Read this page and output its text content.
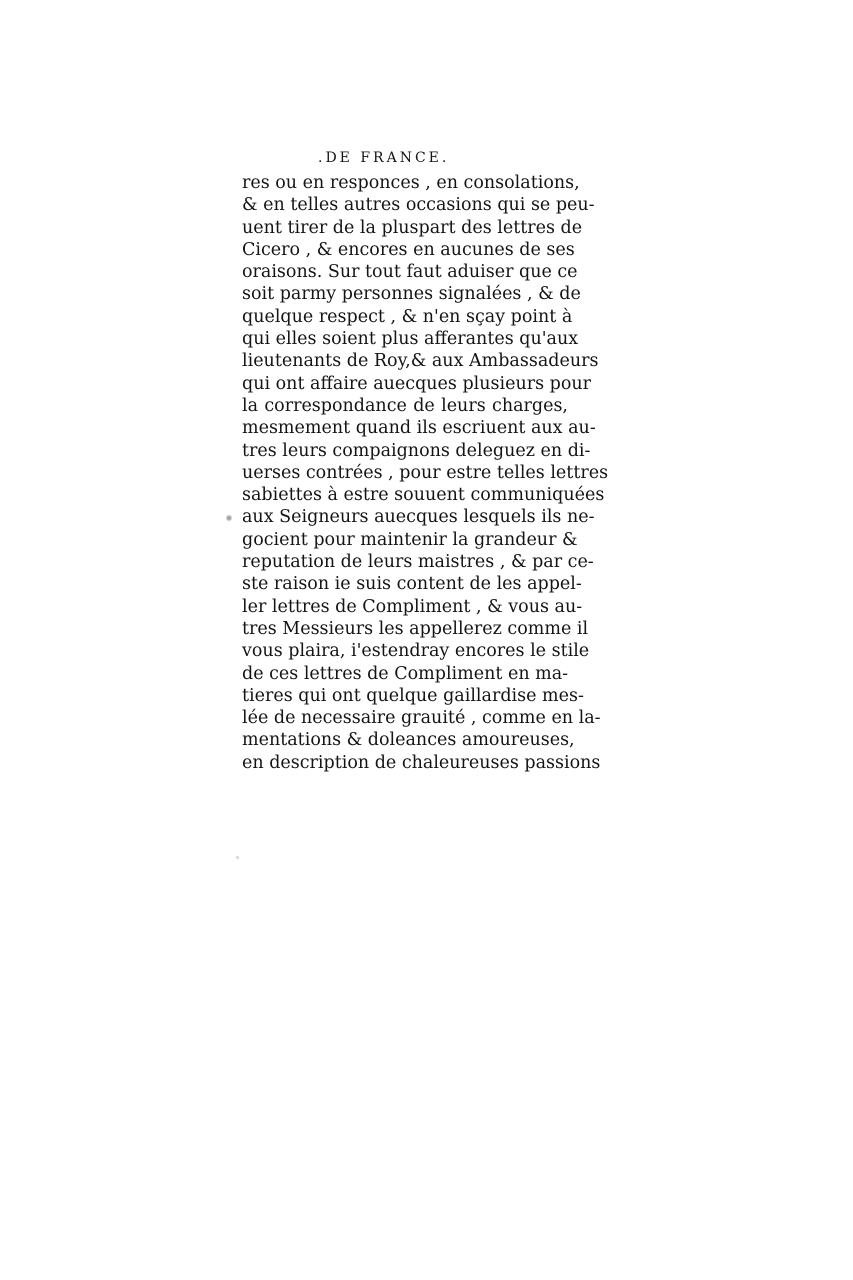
.DE FRANCE.
res ou en responces , en consolations,
& en telles autres occasions qui se peu-
uent tirer de la pluspart des lettres de
Cicero , & encores en aucunes de ses
oraisons. Sur tout faut aduiser que ce
soit parmy personnes signalées , & de
quelque respect , & n'en sçay point à
qui elles soient plus afferantes qu'aux
lieutenants de Roy,& aux Ambassadeurs
qui ont affaire auecques plusieurs pour
la correspondance de leurs charges,
mesmement quand ils escriuent aux au-
tres leurs compaignons deleguez en di-
uerses contrées , pour estre telles lettres
sabiettes à estre souuent communiquées
aux Seigneurs auecques lesquels ils ne-
gocient pour maintenir la grandeur &
reputation de leurs maistres , & par ce-
ste raison ie suis content de les appel-
ler lettres de Compliment , & vous au-
tres Messieurs les appellerez comme il
vous plaira, i'estendray encores le stile
de ces lettres de Compliment en ma-
tieres qui ont quelque gaillardise mes-
lée de necessaire grauité , comme en la-
mentations & doleances amoureuses,
en description de chaleureuses passions
